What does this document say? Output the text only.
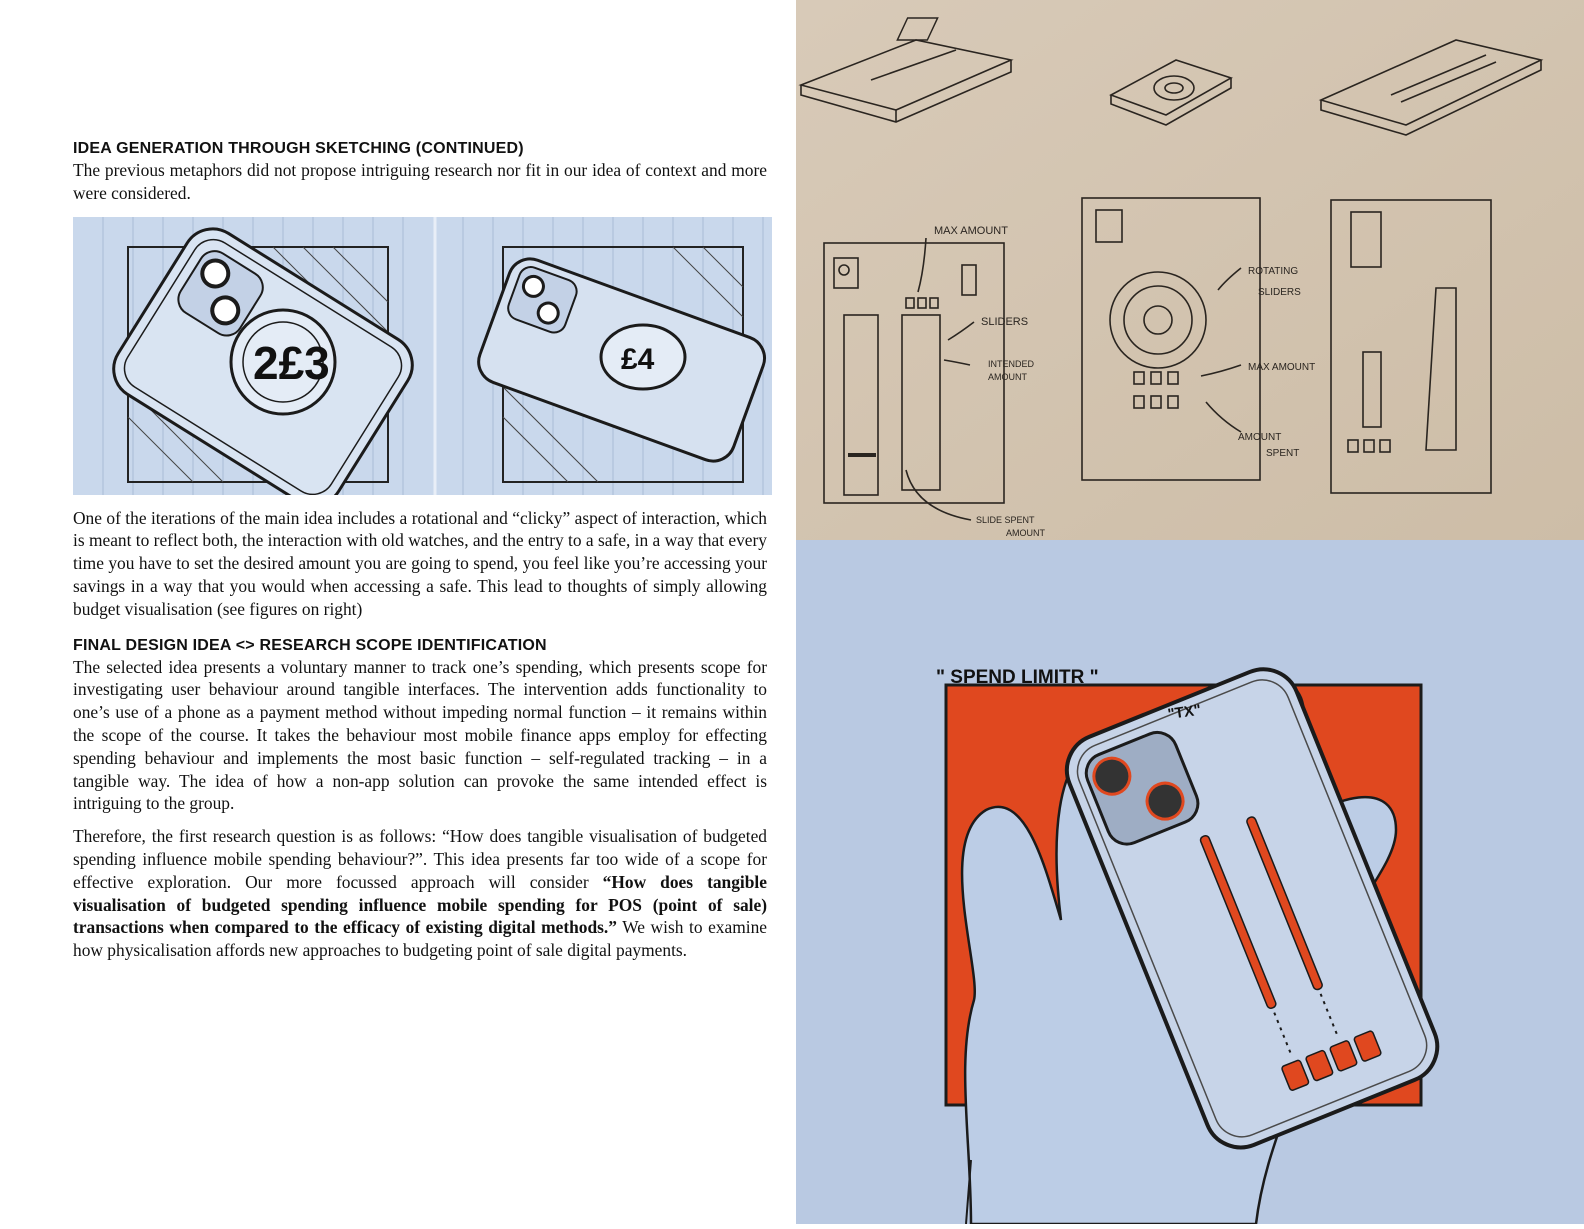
IDEA GENERATION THROUGH SKETCHING (CONTINUED)

The previous metaphors did not propose intriguing research nor fit in our idea of context and more were considered.

2£3	£4

One of the iterations of the main idea includes a rotational and “clicky” aspect of interaction, which is meant to reflect both, the interaction with old watches, and the entry to a safe, in a way that every time you have to set the desired amount you are going to spend, you feel like you’re accessing your savings in a way that you would when accessing a safe. This lead to thoughts of simply allowing budget visualisation (see figures on right)

FINAL DESIGN IDEA <> RESEARCH SCOPE IDENTIFICATION

The selected idea presents a voluntary manner to track one’s spending, which presents scope for investigating user behaviour around tangible interfaces. The intervention adds functionality to one’s use of a phone as a payment method without impeding normal function – it remains within the scope of the course. It takes the behaviour most mobile finance apps employ for effecting spending behaviour and implements the most basic function – self-regulated tracking – in a tangible way. The idea of how a non-app solution can provoke the same intended effect is intriguing to the group.

Therefore, the first research question is as follows: “How does tangible visualisation of budgeted spending influence mobile spending behaviour?”. This idea presents far too wide of a scope for effective exploration. Our more focussed approach will consider “How does tangible visualisation of budgeted spending influence mobile spending for POS (point of sale) transactions when compared to the efficacy of existing digital methods.” We wish to examine how physicalisation affords new approaches to budgeting point of sale digital payments.

MAX AMOUNT
SLIDERS
INTENDED
AMOUNT
SLIDE SPENT
AMOUNT
ROTATING
SLIDERS
MAX AMOUNT
AMOUNT
SPENT
" SPEND LIMITR "
"TX"
